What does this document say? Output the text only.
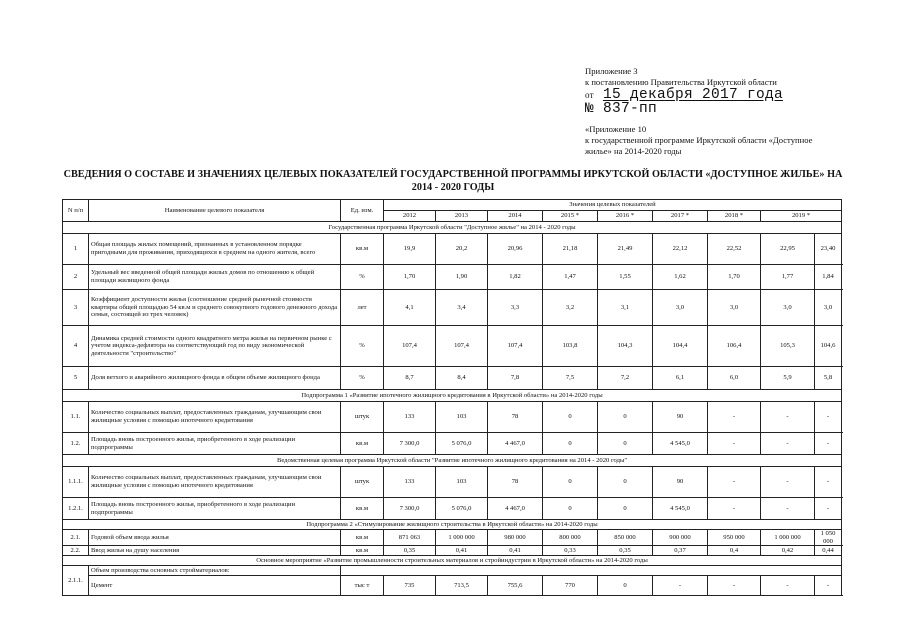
Приложение 3
к постановлению Правительства Иркутской области
от 15 декабря 2017 года
№ 837-пп
«Приложение 10
к государственной программе Иркутской области «Доступное
жилье» на 2014-2020 годы
СВЕДЕНИЯ О СОСТАВЕ И ЗНАЧЕНИЯХ ЦЕЛЕВЫХ ПОКАЗАТЕЛЕЙ ГОСУДАРСТВЕННОЙ ПРОГРАММЫ ИРКУТСКОЙ ОБЛАСТИ «ДОСТУПНОЕ ЖИЛЬЕ» НА
2014 - 2020 ГОДЫ
N п/п	Наименование целевого показателя	Ед. изм.	Значения целевых показателей								
			2012	2013	2014	2015 *	2016 *	2017 *	2018 *	2019 *	
Государственная программа Иркутской области "Доступное жилье" на 2014 - 2020 годы											
1	Общая площадь жилых помещений, признанных в установленном порядке пригодными для проживания, приходящихся в среднем на одного жителя, всего	кв.м	19,9	20,2	20,96	21,18	21,49	22,12	22,52	22,95	23,40
2	Удельный вес введенной общей площади жилых домов по отношению к общей площади жилищного фонда	%	1,70	1,90	1,82	1,47	1,55	1,62	1,70	1,77	1,84
3	Коэффициент доступности жилья (соотношение средней рыночной стоимости квартиры общей площадью 54 кв.м и среднего совокупного годового денежного дохода семьи, состоящей из трех человек)	лет	4,1	3,4	3,3	3,2	3,1	3,0	3,0	3,0	3,0
4	Динамика средней стоимости одного квадратного метра жилья на первичном рынке с учетом индекса-дефлятора на соответствующий год по виду экономической деятельности "строительство"	%	107,4	107,4	107,4	103,8	104,3	104,4	106,4	105,3	104,6
5	Доля ветхого и аварийного жилищного фонда в общем объеме жилищного фонда	%	8,7	8,4	7,8	7,5	7,2	6,1	6,0	5,9	5,8
Подпрограмма 1 «Развитие ипотечного жилищного кредитования в Иркутской области» на 2014-2020 годы											
1.1.	Количество социальных выплат, предоставленных гражданам, улучшающим свои жилищные условия с помощью ипотечного кредитования	штук	133	103	78	0	0	90	-	-	-
1.2.	Площадь вновь построенного жилья, приобретенного в ходе реализации подпрограммы	кв.м	7 300,0	5 076,0	4 467,0	0	0	4 545,0	-	-	-
Ведомственная целевая программа Иркутской области "Развитие ипотечного жилищного кредитования на 2014 - 2020 годы"											
1.1.1.	Количество социальных выплат, предоставленных гражданам, улучшающим свои жилищные условия с помощью ипотечного кредитования	штук	133	103	78	0	0	90	-	-	-
1.2.1.	Площадь вновь построенного жилья, приобретенного в ходе реализации подпрограммы	кв.м	7 300,0	5 076,0	4 467,0	0	0	4 545,0	-	-	-
Подпрограмма 2 «Стимулирование жилищного строительства в Иркутской области» на 2014-2020 годы											
2.1.	Годовой объем ввода жилья	кв.м	871 063	1 000 000	980 000	800 000	850 000	900 000	950 000	1 000 000	1 050 000
2.2.	Ввод жилья на душу населения	кв.м	0,35	0,41	0,41	0,33	0,35	0,37	0,4	0,42	0,44
Основное мероприятие «Развитие промышленности строительных материалов и стройиндустрии в Иркутской области» на 2014-2020 годы											
2.1.1.	Объем производства основных стройматериалов:										
	Цемент	тыс т	735	713,5	755,6	770	0	-	-	-	-
